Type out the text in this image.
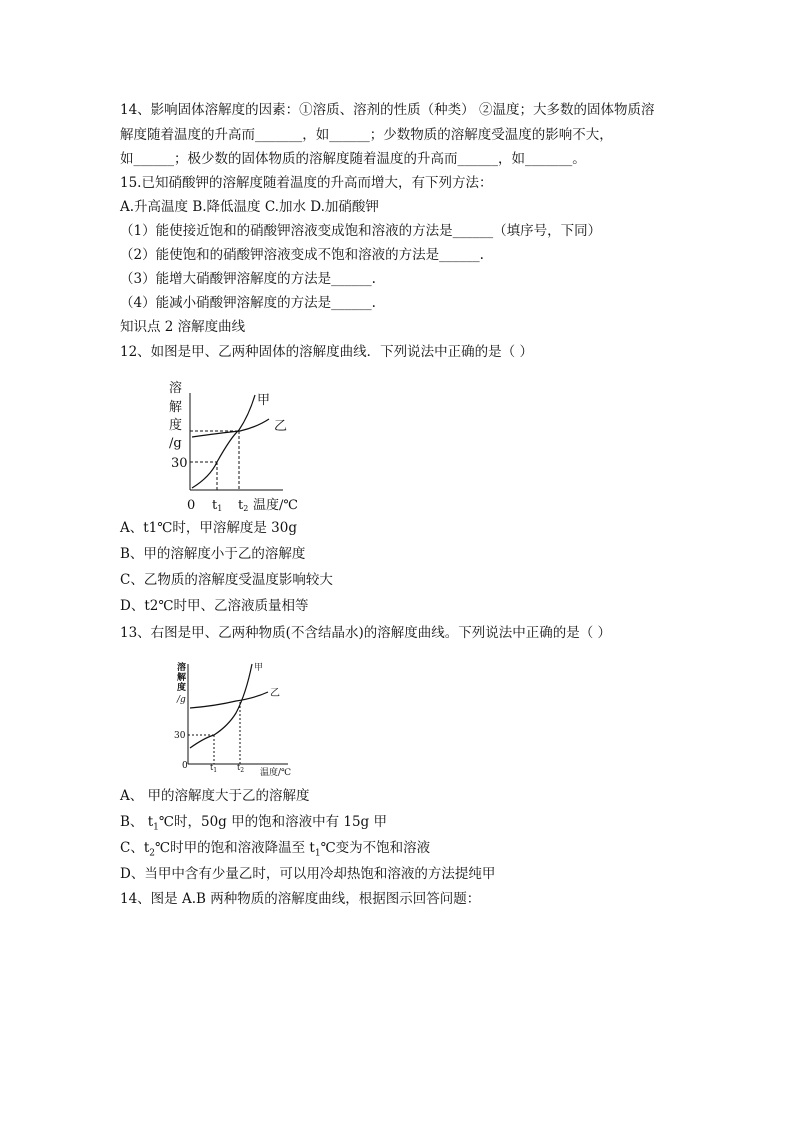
14、影响固体溶解度的因素：①溶质、溶剂的性质（种类） ②温度；大多数的固体物质溶
解度随着温度的升高而_______，如______；少数物质的溶解度受温度的影响不大，
如______；极少数的固体物质的溶解度随着温度的升高而______，如_______。
15.已知硝酸钾的溶解度随着温度的升高而增大，有下列方法：
A.升高温度 B.降低温度 C.加水 D.加硝酸钾
（1）能使接近饱和的硝酸钾溶液变成饱和溶液的方法是______（填序号，下同）
（2）能使饱和的硝酸钾溶液变成不饱和溶液的方法是______.
（3）能增大硝酸钾溶解度的方法是______.
（4）能减小硝酸钾溶解度的方法是______.
知识点 2 溶解度曲线
12、如图是甲、乙两种固体的溶解度曲线．下列说法中正确的是（ ）
溶
解
度
/g
30
0 t1 t2 温度/℃
甲
乙
A、t1℃时，甲溶解度是 30g
B、甲的溶解度小于乙的溶解度
C、乙物质的溶解度受温度影响较大
D、t2℃时甲、乙溶液质量相等
13、右图是甲、乙两种物质(不含结晶水)的溶解度曲线。下列说法中正确的是（ ）
溶
解
度
/g
30
0	$t_1$ $t_2$ 温度/℃
甲
乙
A、 甲的溶解度大于乙的溶解度
B、 $t_1℃$时，50g 甲的饱和溶液中有 15g 甲
C、$t_2℃$时甲的饱和溶液降温至 $t_1℃$变为不饱和溶液
D、当甲中含有少量乙时，可以用冷却热饱和溶液的方法提纯甲
14、图是 A.B 两种物质的溶解度曲线，根据图示回答问题：
